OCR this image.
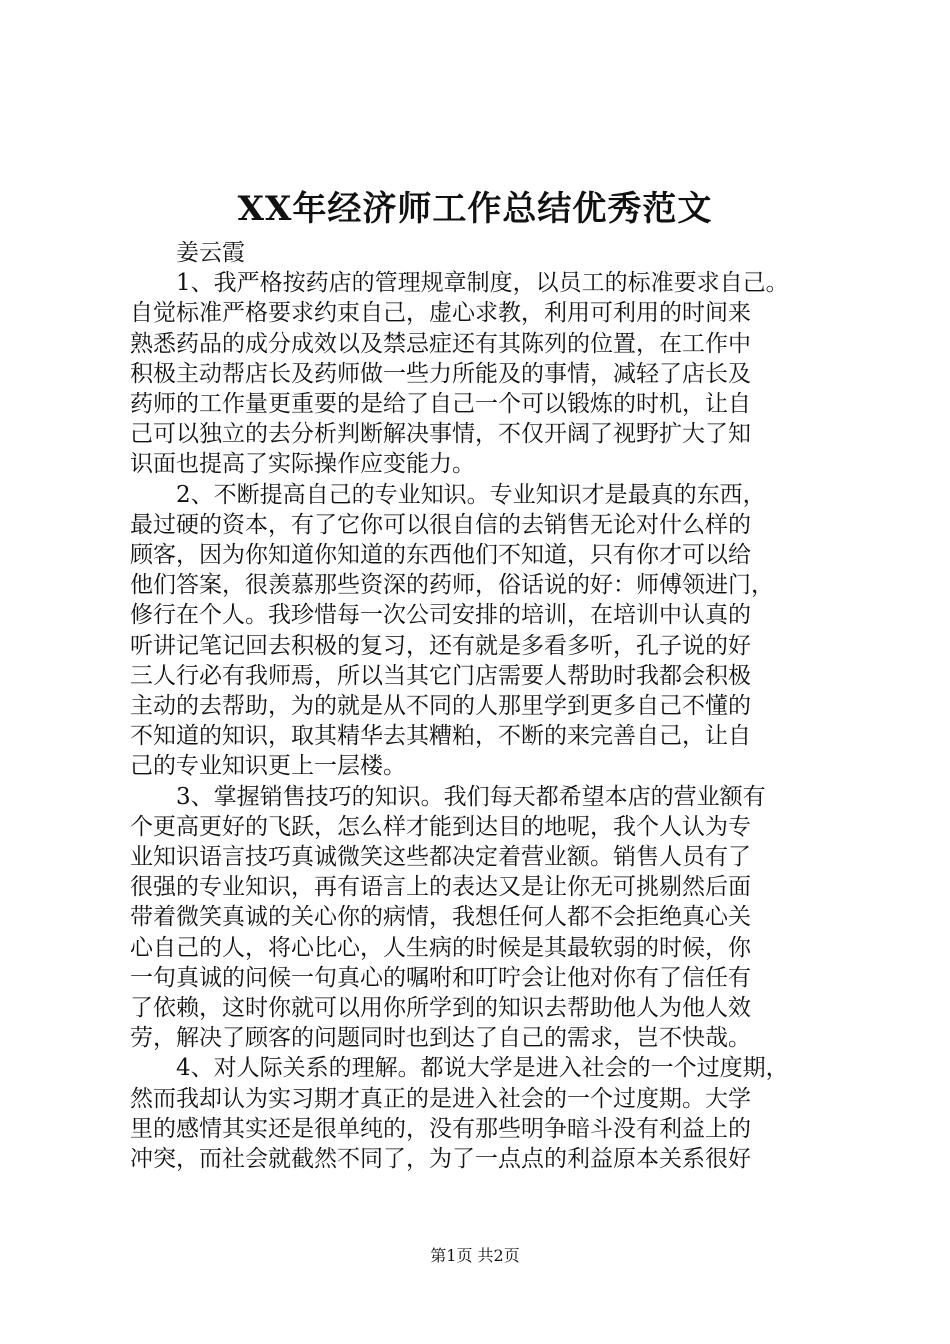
XX年经济师工作总结优秀范文

姜云霞

1、我严格按药店的管理规章制度，以员工的标准要求自己。
自觉标准严格要求约束自己，虚心求教，利用可利用的时间来
熟悉药品的成分成效以及禁忌症还有其陈列的位置，在工作中
积极主动帮店长及药师做一些力所能及的事情，减轻了店长及
药师的工作量更重要的是给了自己一个可以锻炼的时机，让自
己可以独立的去分析判断解决事情，不仅开阔了视野扩大了知
识面也提高了实际操作应变能力。

2、不断提高自己的专业知识。专业知识才是最真的东西，
最过硬的资本，有了它你可以很自信的去销售无论对什么样的
顾客，因为你知道你知道的东西他们不知道，只有你才可以给
他们答案，很羡慕那些资深的药师，俗话说的好：师傅领进门，
修行在个人。我珍惜每一次公司安排的培训，在培训中认真的
听讲记笔记回去积极的复习，还有就是多看多听，孔子说的好
三人行必有我师焉，所以当其它门店需要人帮助时我都会积极
主动的去帮助，为的就是从不同的人那里学到更多自己不懂的
不知道的知识，取其精华去其糟粕，不断的来完善自己，让自
己的专业知识更上一层楼。

3、掌握销售技巧的知识。我们每天都希望本店的营业额有
个更高更好的飞跃，怎么样才能到达目的地呢，我个人认为专
业知识语言技巧真诚微笑这些都决定着营业额。销售人员有了
很强的专业知识，再有语言上的表达又是让你无可挑剔然后面
带着微笑真诚的关心你的病情，我想任何人都不会拒绝真心关
心自己的人，将心比心，人生病的时候是其最软弱的时候，你
一句真诚的问候一句真心的嘱咐和叮咛会让他对你有了信任有
了依赖，这时你就可以用你所学到的知识去帮助他人为他人效
劳，解决了顾客的问题同时也到达了自己的需求，岂不快哉。

4、对人际关系的理解。都说大学是进入社会的一个过度期，
然而我却认为实习期才真正的是进入社会的一个过度期。大学
里的感情其实还是很单纯的，没有那些明争暗斗没有利益上的
冲突，而社会就截然不同了，为了一点点的利益原本关系很好

第1页 共2页
